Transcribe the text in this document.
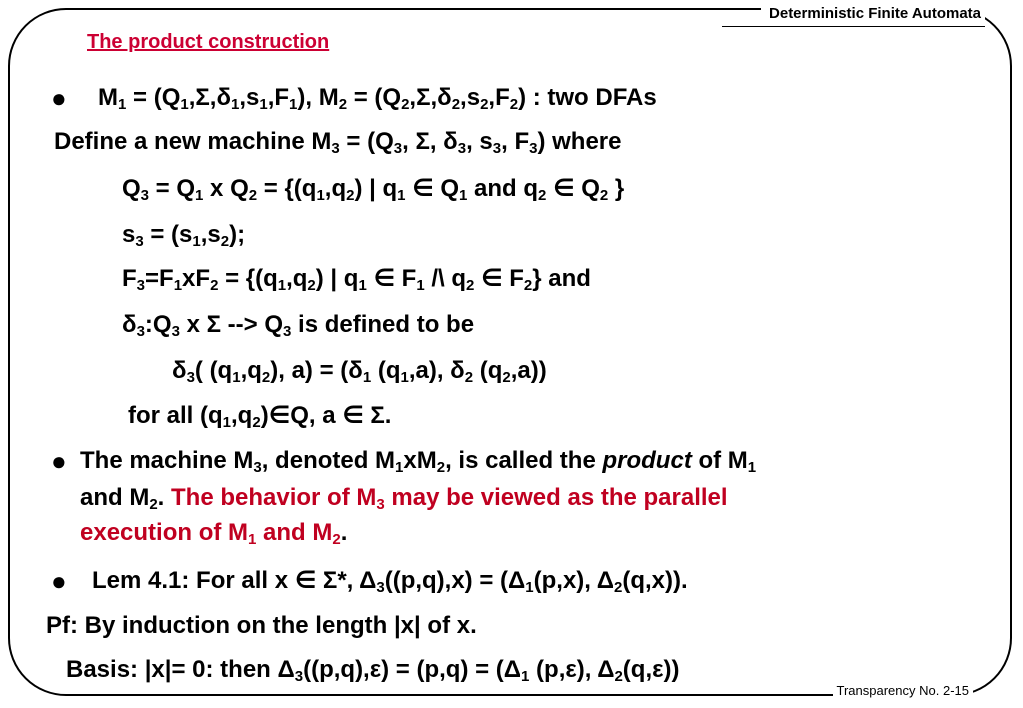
Deterministic Finite Automata
The product construction
● $M_1 = (Q_1,\Sigma,\delta_1,s_1,F_1)$, $M_2 = (Q_2,\Sigma,\delta_2,s_2,F_2)$ : two DFAs
Define a new machine $M_3 = (Q_3$, Σ, $\delta_3$, $s_3$, $F_3$) where
$Q_3 = Q_1$ x $Q_2 = \{(q_1,q_2)$ | $q_1$ ∈ $Q_1$ and $q_2$ ∈ $Q_2$ }
$s_3 = (s_1,s_2)$;
$F_3=F_1xF_2 = \{(q_1,q_2)$ | $q_1$ ∈ $F_1$ /\ $q_2$ ∈ $F_2$} and
$\delta_3:Q_3$ x Σ --> $Q_3$ is defined to be
$\delta_3$( $(q_1,q_2)$, $a) = (\delta_1$ $(q_1,a)$, $\delta_2$ $(q_2,a)$)
for all $(q_1,q_2)\in Q$, a ∈ Σ.
● The machine $M_3$, denoted $M_1xM_2$, is called the product of $M_1$
and $M_2$. The behavior of $M_3$ may be viewed as the parallel
execution of $M_1$ and $M_2$.
● Lem 4.1: For all x ∈ Σ*, $\Delta_3((p,q),x) = (\Delta_1(p,x)$, $\Delta_2(q,x)$).
Pf: By induction on the length |x| of x.
Basis: |x|= 0: then $\Delta_3((p,q),\varepsilon) = (p,q) = (\Delta_1$ (p,ε), $\Delta_2(q,\varepsilon)$)
Transparency No. 2-15
